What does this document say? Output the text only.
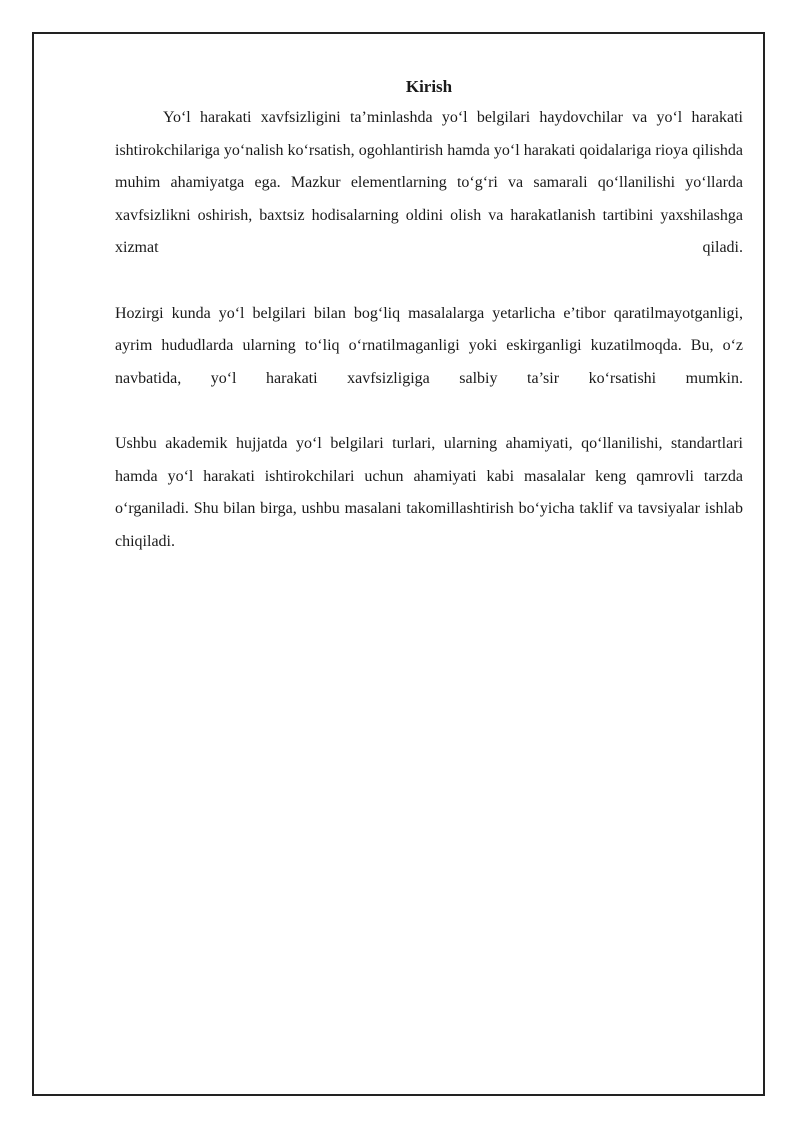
Kirish

Yo‘l harakati xavfsizligini ta’minlashda yo‘l belgilari haydovchilar va yo‘l harakati ishtirokchilariga yo‘nalish ko‘rsatish, ogohlantirish hamda yo‘l harakati qoidalariga rioya qilishda muhim ahamiyatga ega. Mazkur elementlarning to‘g‘ri va samarali qo‘llanilishi yo‘llarda xavfsizlikni oshirish, baxtsiz hodisalarning oldini olish va harakatlanish tartibini yaxshilashga xizmat qiladi.

Hozirgi kunda yo‘l belgilari bilan bog‘liq masalalarga yetarlicha e’tibor qaratilmayotganligi, ayrim hududlarda ularning to‘liq o‘rnatilmaganligi yoki eskirganligi kuzatilmoqda. Bu, o‘z navbatida, yo‘l harakati xavfsizligiga salbiy ta’sir ko‘rsatishi mumkin.

Ushbu akademik hujjatda yo‘l belgilari turlari, ularning ahamiyati, qo‘llanilishi, standartlari hamda yo‘l harakati ishtirokchilari uchun ahamiyati kabi masalalar keng qamrovli tarzda o‘rganiladi. Shu bilan birga, ushbu masalani takomillashtirish bo‘yicha taklif va tavsiyalar ishlab chiqiladi.
